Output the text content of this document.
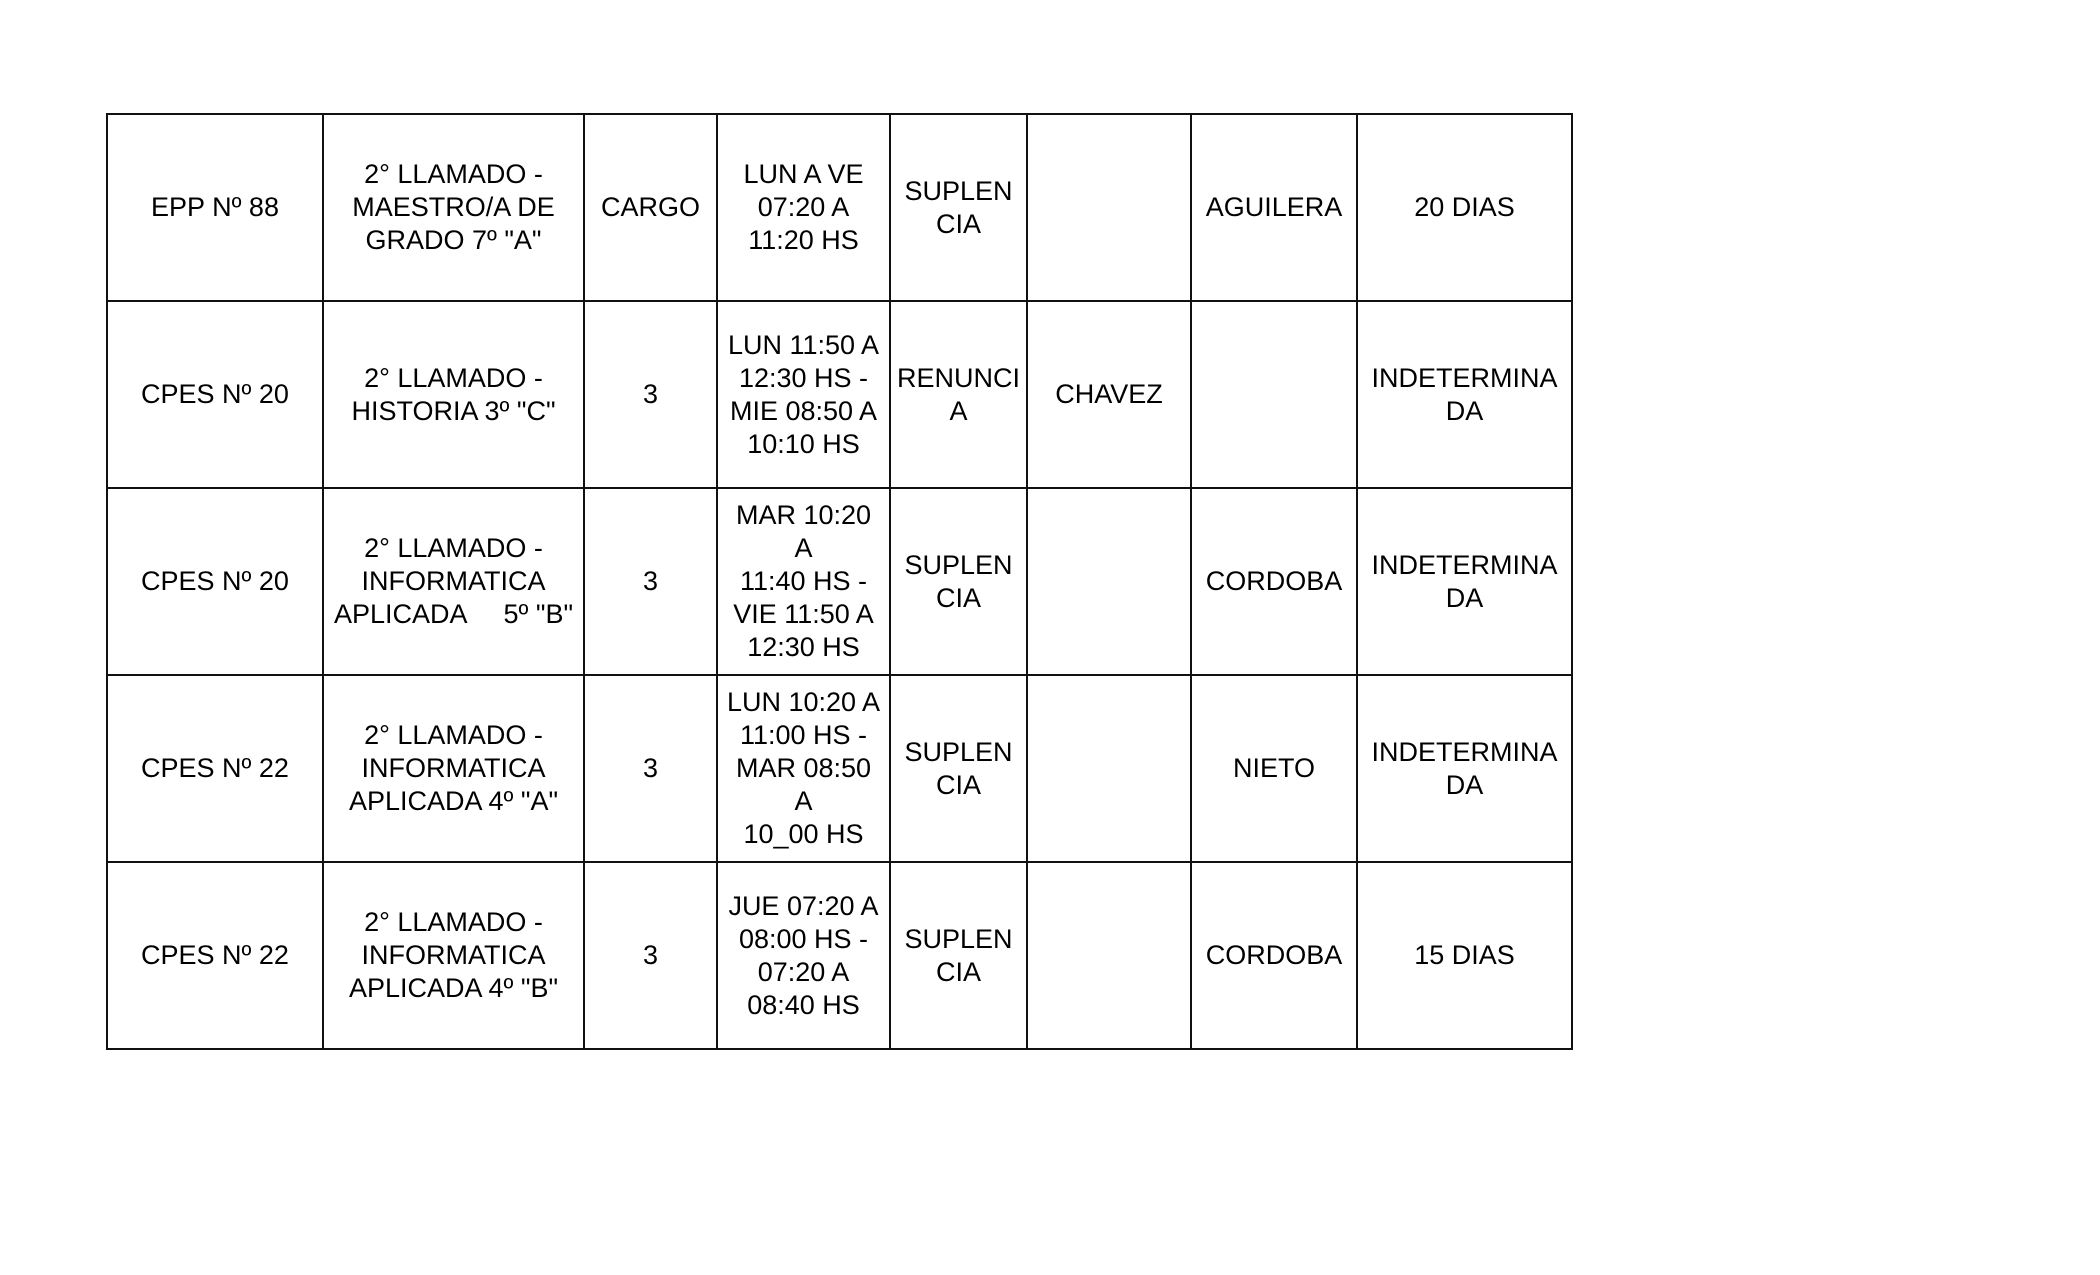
EPP Nº 88	2° LLAMADO -
MAESTRO/A DE
GRADO 7º "A"	CARGO	LUN A VE
07:20 A
11:20 HS	SUPLEN
CIA		AGUILERA	20 DIAS
CPES Nº 20	2° LLAMADO -
HISTORIA 3º "C"	3	LUN 11:50 A
12:30 HS -
MIE 08:50 A
10:10 HS	RENUNCI
A	CHAVEZ		INDETERMINA
DA
CPES Nº 20	2° LLAMADO -
INFORMATICA
APLICADA     5º "B"	3	MAR 10:20 A
11:40 HS -
VIE 11:50 A
12:30 HS	SUPLEN
CIA		CORDOBA	INDETERMINA
DA
CPES Nº 22	2° LLAMADO -
INFORMATICA
APLICADA 4º "A"	3	LUN 10:20 A
11:00 HS -
MAR 08:50 A
10_00 HS	SUPLEN
CIA		NIETO	INDETERMINA
DA
CPES Nº 22	2° LLAMADO -
INFORMATICA
APLICADA 4º "B"	3	JUE 07:20 A
08:00 HS -
07:20 A
08:40 HS	SUPLEN
CIA		CORDOBA	15 DIAS
